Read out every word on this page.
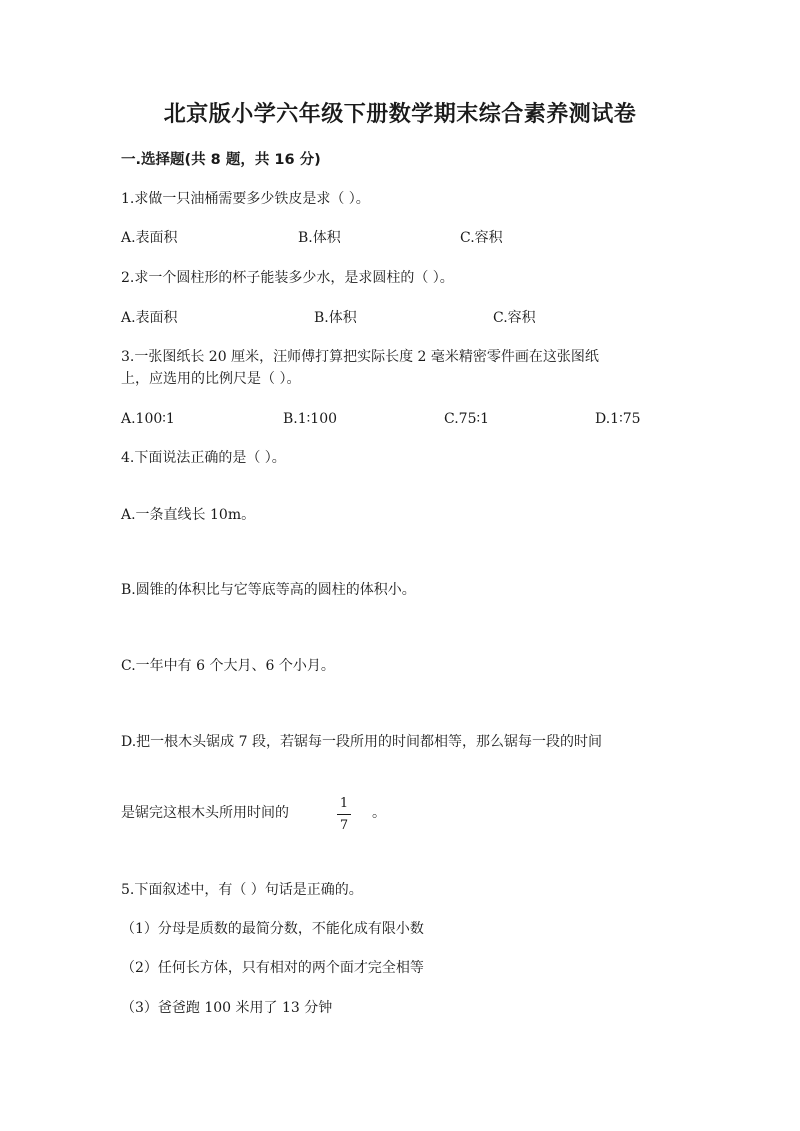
北京版小学六年级下册数学期末综合素养测试卷
一.选择题(共 8 题，共 16 分)
1.求做一只油桶需要多少铁皮是求（ ）。
A.表面积	B.体积	C.容积
2.求一个圆柱形的杯子能装多少水，是求圆柱的（ ）。
A.表面积	B.体积	C.容积
3.一张图纸长 20 厘米，汪师傅打算把实际长度 2 毫米精密零件画在这张图纸
上，应选用的比例尺是（ ）。
A.100∶1	B.1∶100	C.75∶1	D.1∶75
4.下面说法正确的是（ ）。
A.一条直线长 10m。
B.圆锥的体积比与它等底等高的圆柱的体积小。
C.一年中有 6 个大月、6 个小月。
D.把一根木头锯成 7 段，若锯每一段所用的时间都相等，那么锯每一段的时间
是锯完这根木头所用时间的
1
7
。
5.下面叙述中，有（ ）句话是正确的。
（1）分母是质数的最简分数，不能化成有限小数
（2）任何长方体，只有相对的两个面才完全相等
（3）爸爸跑 100 米用了 13 分钟
